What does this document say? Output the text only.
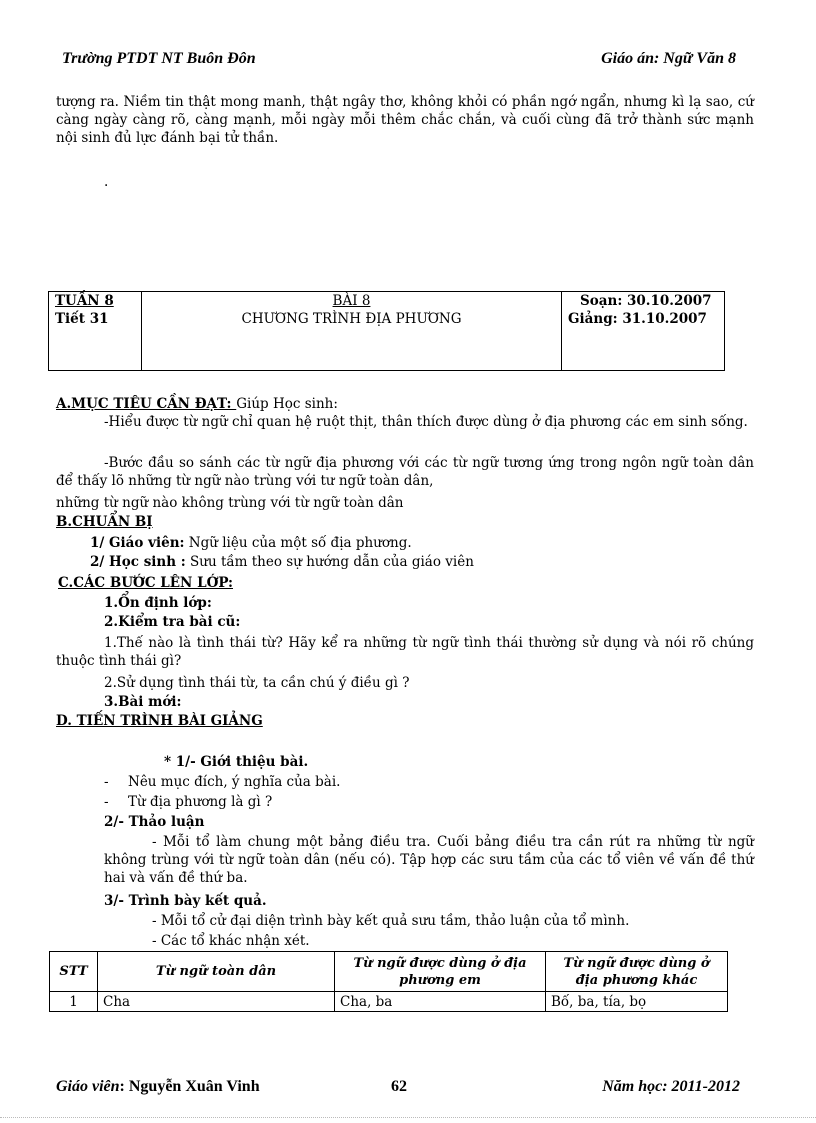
Trường PTDT NT Buôn Đôn	Giáo án: Ngữ Văn 8
tượng ra. Niềm tin thật mong manh, thật ngây thơ, không khỏi có phần ngớ ngẩn, nhưng kì lạ sao, cứ càng ngày càng rõ, càng mạnh, mỗi ngày mỗi thêm chắc chắn, và cuối cùng đã trở thành sức mạnh nội sinh đủ lực đánh bại tử thần.
.
TUẦN 8
Tiết 31

BÀI 8
CHƯƠNG TRÌNH ĐỊA PHƯƠNG

Soạn: 30.10.2007
Giảng: 31.10.2007
A.MỤC TIÊU CẦN ĐẠT: Giúp Học sinh:
-Hiểu được từ ngữ chỉ quan hệ ruột thịt, thân thích được dùng ở địa phương các em sinh sống.
-Bước đầu so sánh các từ ngữ địa phương với các từ ngữ tương ứng trong ngôn ngữ toàn dân để thấy lõ những từ ngữ nào trùng với tư ngữ toàn dân,
những từ ngữ nào không trùng với từ ngữ toàn dân
B.CHUẨN BỊ
1/ Giáo viên: Ngữ liệu của một số địa phương.
2/ Học sinh : Sưu tầm theo sự hướng dẫn của giáo viên
C.CÁC BƯỚC LÊN LỚP:
1.Ổn định lớp:
2.Kiểm tra bài cũ:
1.Thế nào là tình thái từ? Hãy kể ra những từ ngữ tình thái thường sử dụng và nói rõ chúng thuộc tình thái gì?
2.Sử dụng tình thái từ, ta cần chú ý điều gì ?
3.Bài mới:
D. TIẾN TRÌNH BÀI GIẢNG
* 1/- Giới thiệu bài.
- Nêu mục đích, ý nghĩa của bài.
- Từ địa phương là gì ?
2/- Thảo luận
- Mỗi tổ làm chung một bảng điều tra. Cuối bảng điều tra cần rút ra những từ ngữ không trùng với từ ngữ toàn dân (nếu có). Tập hợp các sưu tầm của các tổ viên về vấn đề thứ hai và vấn đề thứ ba.
3/- Trình bày kết quả.
- Mỗi tổ cử đại diện trình bày kết quả sưu tầm, thảo luận của tổ mình.
- Các tổ khác nhận xét.
STT	Từ ngữ toàn dân	Từ ngữ được dùng ở địa phương em	Từ ngữ được dùng ở địa phương khác
1	Cha	Cha, ba	Bố, ba, tía, bọ
Giáo viên: Nguyễn Xuân Vinh	62	Năm học: 2011-2012
